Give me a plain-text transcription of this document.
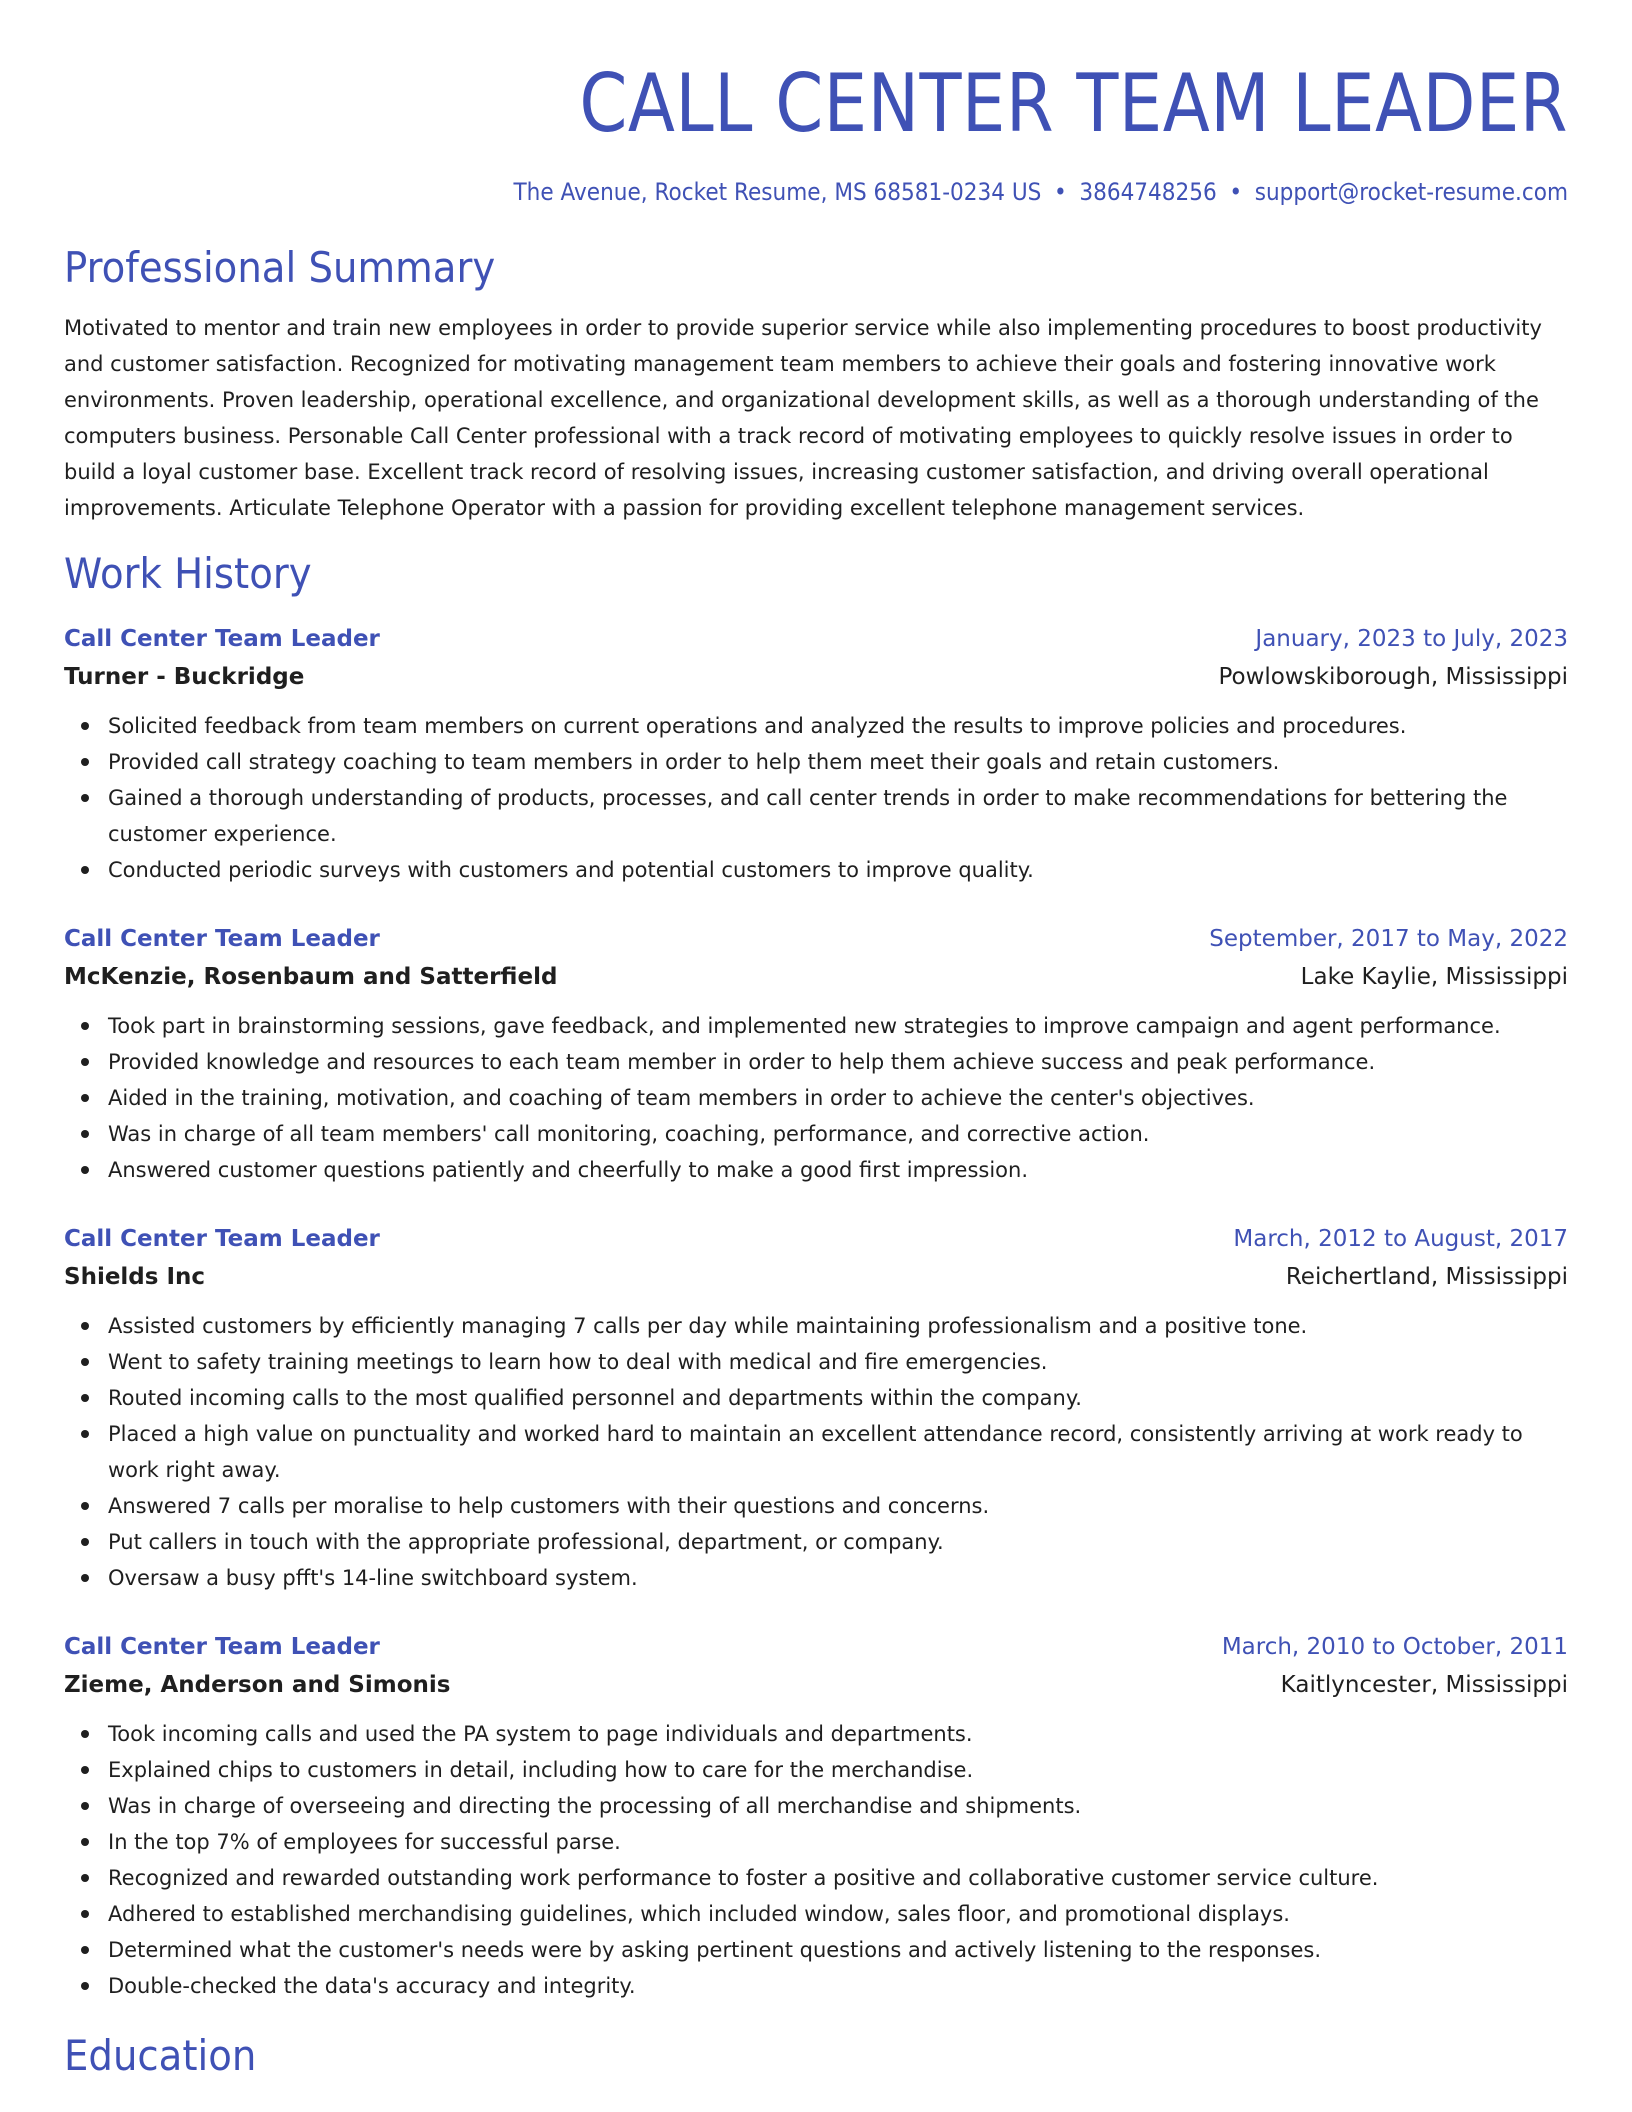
CALL CENTER TEAM LEADER
The Avenue, Rocket Resume, MS 68581-0234 US • 3864748256 • support@rocket-resume.com
Professional Summary
Motivated to mentor and train new employees in order to provide superior service while also implementing procedures to boost productivity and customer satisfaction. Recognized for motivating management team members to achieve their goals and fostering innovative work environments. Proven leadership, operational excellence, and organizational development skills, as well as a thorough understanding of the computers business. Personable Call Center professional with a track record of motivating employees to quickly resolve issues in order to build a loyal customer base. Excellent track record of resolving issues, increasing customer satisfaction, and driving overall operational improvements. Articulate Telephone Operator with a passion for providing excellent telephone management services.
Work History
Call Center Team Leader	January, 2023 to July, 2023
Turner - Buckridge	Powlowskiborough, Mississippi
Solicited feedback from team members on current operations and analyzed the results to improve policies and procedures.
Provided call strategy coaching to team members in order to help them meet their goals and retain customers.
Gained a thorough understanding of products, processes, and call center trends in order to make recommendations for bettering the customer experience.
Conducted periodic surveys with customers and potential customers to improve quality.
Call Center Team Leader	September, 2017 to May, 2022
McKenzie, Rosenbaum and Satterfield	Lake Kaylie, Mississippi
Took part in brainstorming sessions, gave feedback, and implemented new strategies to improve campaign and agent performance.
Provided knowledge and resources to each team member in order to help them achieve success and peak performance.
Aided in the training, motivation, and coaching of team members in order to achieve the center's objectives.
Was in charge of all team members' call monitoring, coaching, performance, and corrective action.
Answered customer questions patiently and cheerfully to make a good first impression.
Call Center Team Leader	March, 2012 to August, 2017
Shields Inc	Reichertland, Mississippi
Assisted customers by efficiently managing 7 calls per day while maintaining professionalism and a positive tone.
Went to safety training meetings to learn how to deal with medical and fire emergencies.
Routed incoming calls to the most qualified personnel and departments within the company.
Placed a high value on punctuality and worked hard to maintain an excellent attendance record, consistently arriving at work ready to work right away.
Answered 7 calls per moralise to help customers with their questions and concerns.
Put callers in touch with the appropriate professional, department, or company.
Oversaw a busy pfft's 14-line switchboard system.
Call Center Team Leader	March, 2010 to October, 2011
Zieme, Anderson and Simonis	Kaitlyncester, Mississippi
Took incoming calls and used the PA system to page individuals and departments.
Explained chips to customers in detail, including how to care for the merchandise.
Was in charge of overseeing and directing the processing of all merchandise and shipments.
In the top 7% of employees for successful parse.
Recognized and rewarded outstanding work performance to foster a positive and collaborative customer service culture.
Adhered to established merchandising guidelines, which included window, sales floor, and promotional displays.
Determined what the customer's needs were by asking pertinent questions and actively listening to the responses.
Double-checked the data's accuracy and integrity.
Education
